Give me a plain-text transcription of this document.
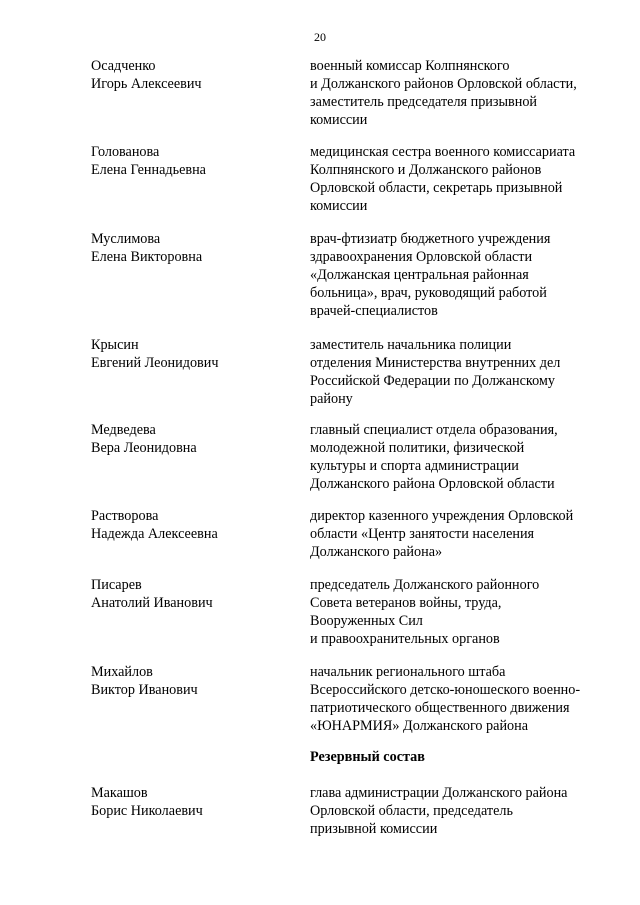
20
Осадченко
Игорь Алексеевич
военный комиссар Колпнянского
и Должанского районов Орловской области,
заместитель председателя призывной
комиссии
Голованова
Елена Геннадьевна
медицинская сестра военного комиссариата
Колпнянского и Должанского районов
Орловской области, секретарь призывной
комиссии
Муслимова
Елена Викторовна
врач-фтизиатр бюджетного учреждения
здравоохранения Орловской области
«Должанская центральная районная
больница», врач, руководящий работой
врачей-специалистов
Крысин
Евгений Леонидович
заместитель начальника полиции
отделения Министерства внутренних дел
Российской Федерации по Должанскому
району
Медведева
Вера Леонидовна
главный специалист отдела образования,
молодежной политики, физической
культуры и спорта администрации
Должанского района Орловской области
Растворова
Надежда Алексеевна
директор казенного учреждения Орловской
области «Центр занятости населения
Должанского района»
Писарев
Анатолий Иванович
председатель Должанского районного
Совета ветеранов войны, труда,
Вооруженных Сил
и правоохранительных органов
Михайлов
Виктор Иванович
начальник регионального штаба
Всероссийского детско-юношеского военно-
патриотического общественного движения
«ЮНАРМИЯ» Должанского района
Резервный состав
Макашов
Борис Николаевич
глава администрации Должанского района
Орловской области, председатель
призывной комиссии
